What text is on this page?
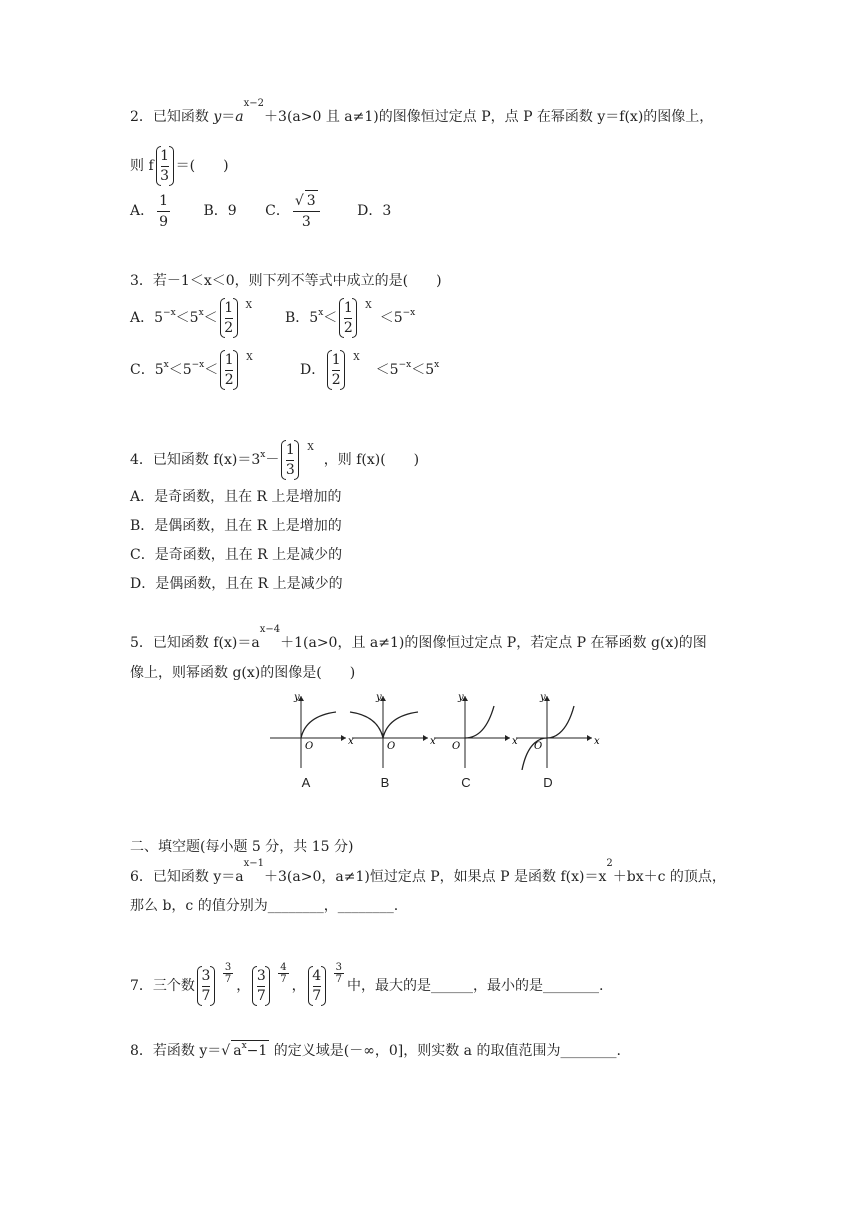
2．已知函数 $y=a^{x-2}+3(a>0$ 且 a≠1)的图像恒过定点 P，点 P 在幂函数 y＝f(x)的图像上，
则 f $\frac{1}{3}$ ＝(　　)
A． $\frac{1}{9}$ B．9 C． $\frac{√ 3}{3}$	D．3
3．若－1＜x＜0，则下列不等式中成立的是(　　)
A．$5^{-x}<5^x< \frac{1}{2} ^X$
B．$5^x< \frac{1}{2} ^X<5^{-x}$
C．$5^x<5^{-x}< \frac{1}{2} ^X$
D． $\frac{1}{2} ^X<5^{-x}<5^x$
4．已知函数 $f(x)=3^x- \frac{1}{3} ^X$，则 f(x)(　　)
A．是奇函数，且在 R 上是增加的
B．是偶函数，且在 R 上是增加的
C．是奇函数，且在 R 上是减少的
D．是偶函数，且在 R 上是减少的
5．已知函数 $f(x)=a^{x-4}+1(a>0$，且 a≠1)的图像恒过定点 P，若定点 P 在幂函数 g(x)的图
像上，则幂函数 g(x)的图像是(　　)
O	x
y
O	x
y
O	x
y
O	x
y
A	B	C	D
二、填空题(每小题 5 分，共 15 分)
6．已知函数 $y=a^{x-1}+3(a>0$，a≠1)恒过定点 P，如果点 P 是函数 $f(x)=x^2+bx+c$ 的顶点，
那么 b，c 的值分别为________，________.
7．三个数 $\frac{3}{7} \frac{3}{7}$
， $\frac{3}{7} \frac{4}{7}$
， $\frac{4}{7} \frac{3}{7}$
中，最大的是______，最小的是________.
8．若函数 y＝√ $a^x-1$ 的定义域是(－∞，0]，则实数 a 的取值范围为________.
